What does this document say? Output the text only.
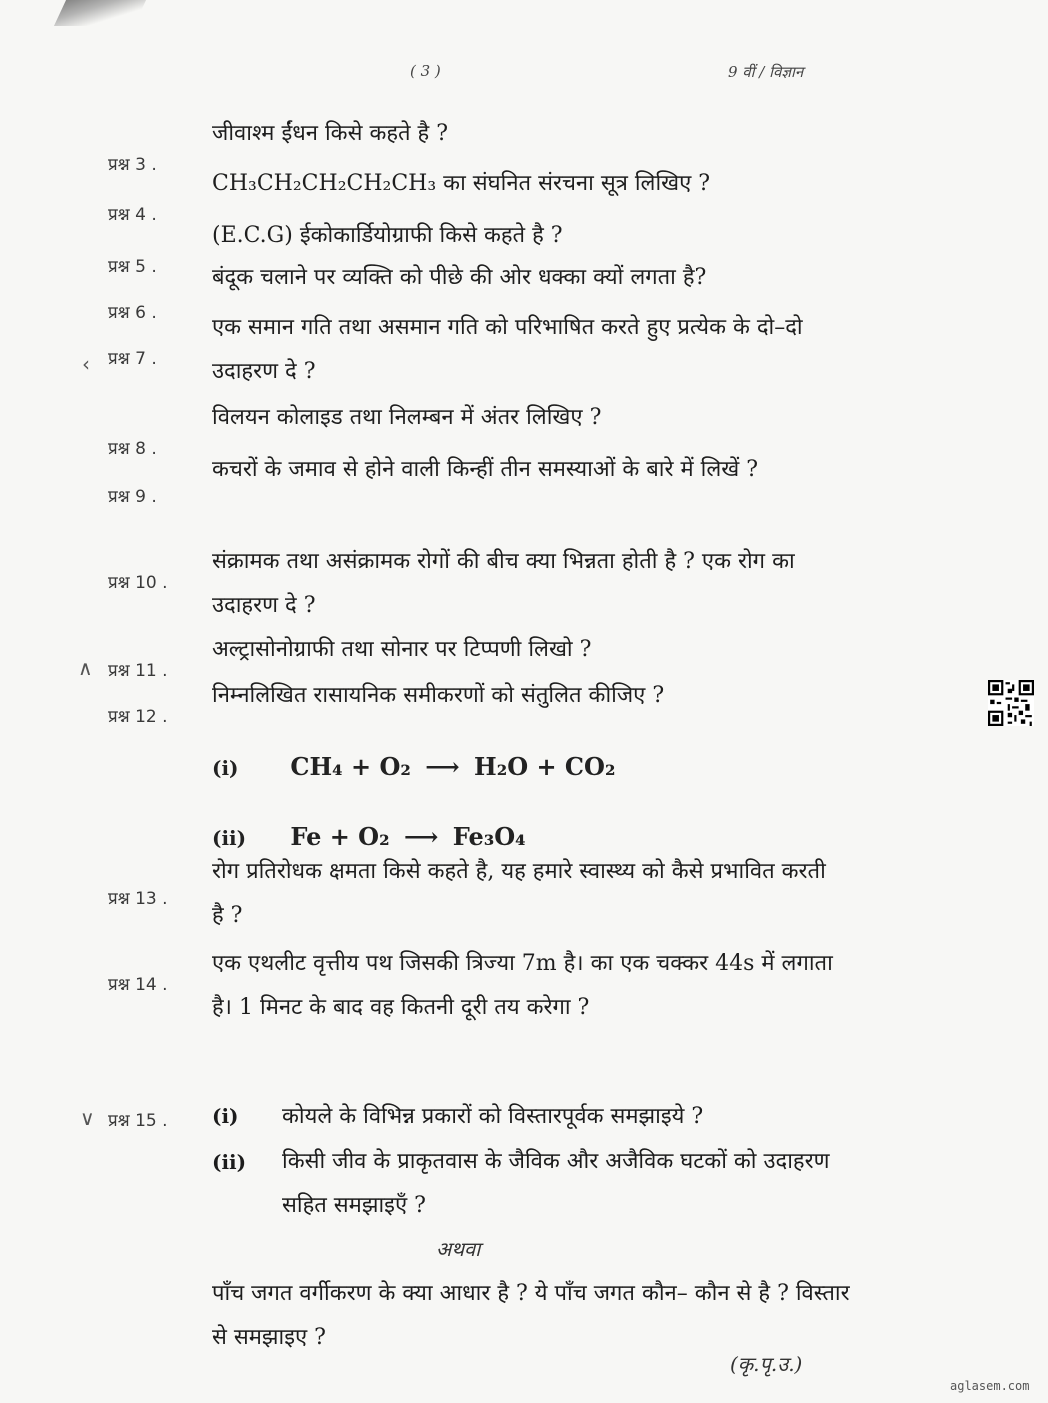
( 3 )	9 वीं / विज्ञान
प्रश्न 3 .
जीवाश्म ईंधन किसे कहते है ?
प्रश्न 4 .
CH₃CH₂CH₂CH₂CH₃ का संघनित संरचना सूत्र लिखिए ?
प्रश्न 5 .
(E.C.G) ईकोकार्डियोग्राफी किसे कहते है ?
प्रश्न 6 .
बंदूक चलाने पर व्यक्ति को पीछे की ओर धक्का क्यों लगता है?
‹ प्रश्न 7 .
एक समान गति तथा असमान गति को परिभाषित करते हुए प्रत्येक के दो–दो उदाहरण दे ?
प्रश्न 8 .
विलयन कोलाइड तथा निलम्बन में अंतर लिखिए ?
प्रश्न 9 .
कचरों के जमाव से होने वाली किन्हीं तीन समस्याओं के बारे में लिखें ?
प्रश्न 10 .
संक्रामक तथा असंक्रामक रोगों की बीच क्या भिन्नता होती है ? एक रोग का उदाहरण दे ?
∧ प्रश्न 11 .
अल्ट्रासोनोग्राफी तथा सोनार पर टिप्पणी लिखो ?
प्रश्न 12 .
निम्नलिखित रासायनिक समीकरणों को संतुलित कीजिए ?
(i) CH₄ + O₂ ⟶ H₂O + CO₂
(ii) Fe + O₂ ⟶ Fe₃O₄
प्रश्न 13 .
रोग प्रतिरोधक क्षमता किसे कहते है, यह हमारे स्वास्थ्य को कैसे प्रभावित करती है ?
प्रश्न 14 .
एक एथलीट वृत्तीय पथ जिसकी त्रिज्या 7m है। का एक चक्कर 44s में लगाता है। 1 मिनट के बाद वह कितनी दूरी तय करेगा ?
∨ प्रश्न 15 . (i) कोयले के विभिन्न प्रकारों को विस्तारपूर्वक समझाइये ?
(ii)	किसी जीव के प्राकृतवास के जैविक और अजैविक घटकों को उदाहरण सहित समझाइएँ ?
अथवा
पाँच जगत वर्गीकरण के क्या आधार है ? ये पाँच जगत कौन– कौन से है ? विस्तार से समझाइए ?
(कृ.पृ.उ.)
aglasem.com
